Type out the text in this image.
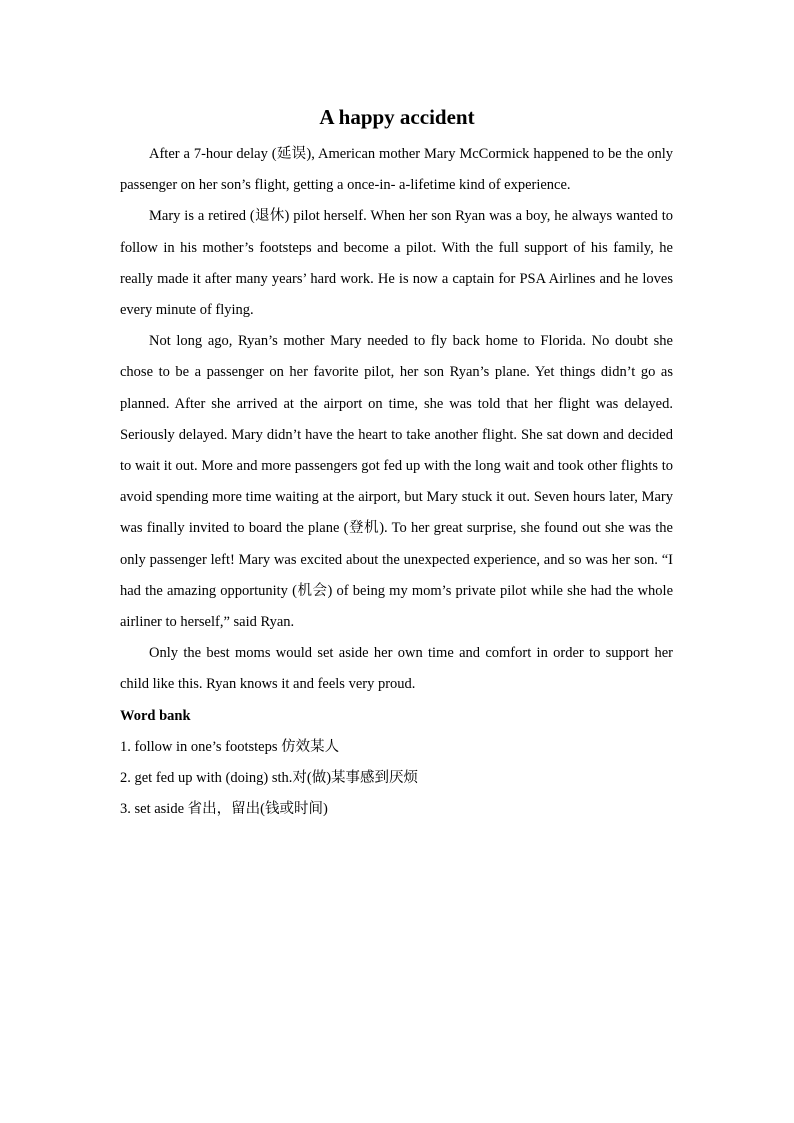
A happy accident

After a 7-hour delay (延误), American mother Mary McCormick happened to be the only passenger on her son’s flight, getting a once-in- a-lifetime kind of experience.

Mary is a retired (退休) pilot herself. When her son Ryan was a boy, he always wanted to follow in his mother’s footsteps and become a pilot. With the full support of his family, he really made it after many years’ hard work. He is now a captain for PSA Airlines and he loves every minute of flying.

Not long ago, Ryan’s mother Mary needed to fly back home to Florida. No doubt she chose to be a passenger on her favorite pilot, her son Ryan’s plane. Yet things didn’t go as planned. After she arrived at the airport on time, she was told that her flight was delayed. Seriously delayed. Mary didn’t have the heart to take another flight. She sat down and decided to wait it out. More and more passengers got fed up with the long wait and took other flights to avoid spending more time waiting at the airport, but Mary stuck it out. Seven hours later, Mary was finally invited to board the plane (登机). To her great surprise, she found out she was the only passenger left! Mary was excited about the unexpected experience, and so was her son. “I had the amazing opportunity (机会) of being my mom’s private pilot while she had the whole airliner to herself,” said Ryan.

Only the best moms would set aside her own time and comfort in order to support her child like this. Ryan knows it and feels very proud.

Word bank

1. follow in one’s footsteps 仿效某人

2. get fed up with (doing) sth.对(做)某事感到厌烦

3. set aside 省出，留出(钱或时间)
